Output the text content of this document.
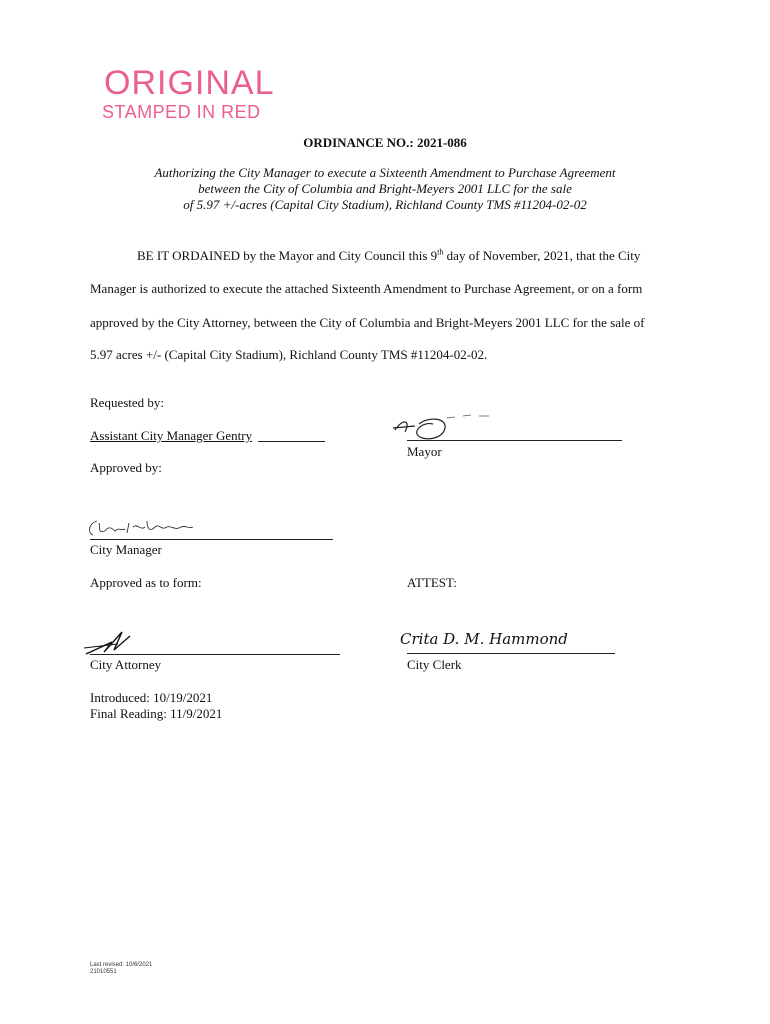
ORIGINAL
STAMPED IN RED
ORDINANCE NO.: 2021-086
Authorizing the City Manager to execute a Sixteenth Amendment to Purchase Agreement
between the City of Columbia and Bright-Meyers 2001 LLC for the sale
of 5.97 +/-acres (Capital City Stadium), Richland County TMS #11204-02-02
BE IT ORDAINED by the Mayor and City Council this 9th day of November, 2021, that the City
Manager is authorized to execute the attached Sixteenth Amendment to Purchase Agreement, or on a form
approved by the City Attorney, between the City of Columbia and Bright-Meyers 2001 LLC for the sale of
5.97 acres +/- (Capital City Stadium), Richland County TMS #11204-02-02.
Requested by:
Assistant City Manager Gentry
Mayor
Approved by:
City Manager
Approved as to form:	ATTEST:
City Attorney
Crita D. M. Hammond
City Clerk
Introduced: 10/19/2021
Final Reading: 11/9/2021
Last revised: 10/6/2021
21010551
